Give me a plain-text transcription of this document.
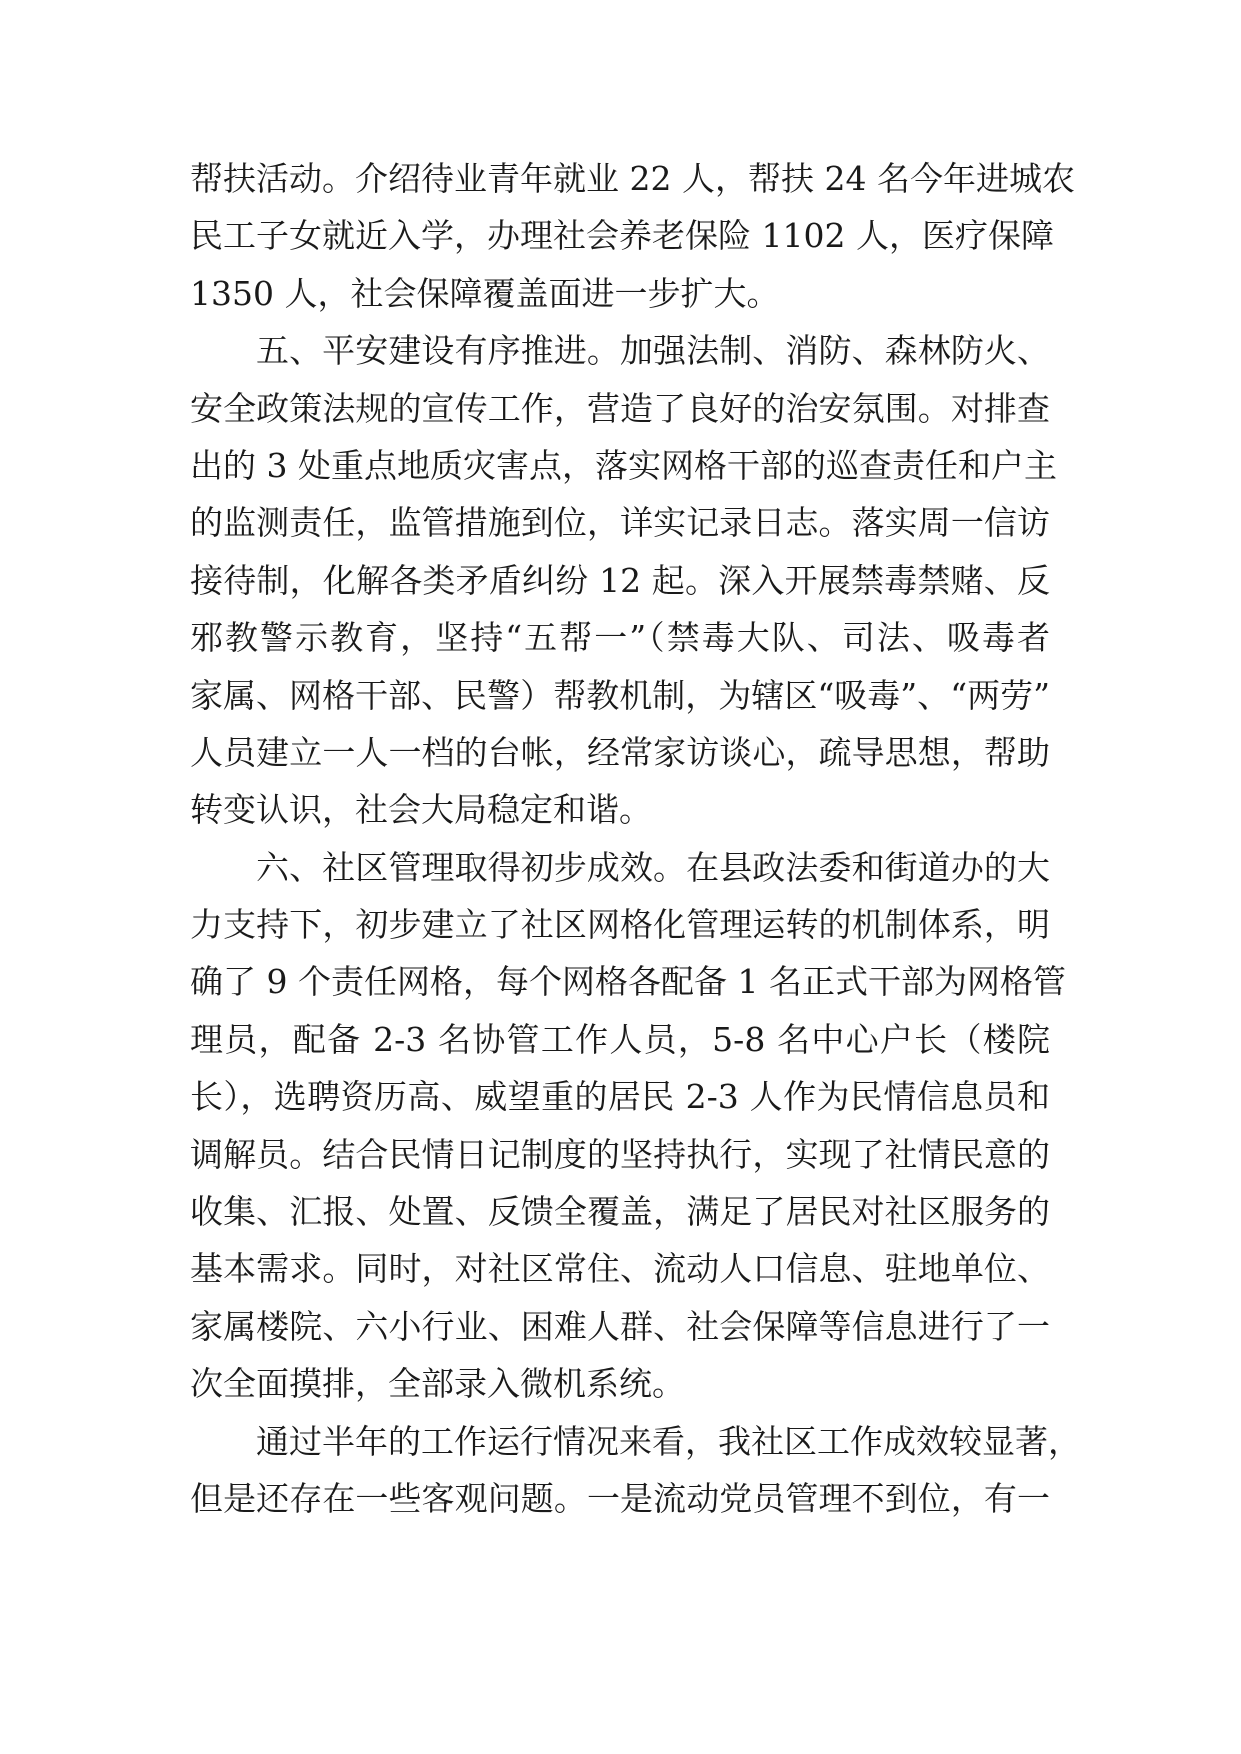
帮扶活动。介绍待业青年就业 22 人，帮扶 24 名今年进城农
民工子女就近入学，办理社会养老保险 1102 人，医疗保障
1350 人，社会保障覆盖面进一步扩大。
五、平安建设有序推进。加强法制、消防、森林防火、
安全政策法规的宣传工作，营造了良好的治安氛围。对排查
出的 3 处重点地质灾害点，落实网格干部的巡查责任和户主
的监测责任，监管措施到位，详实记录日志。落实周一信访
接待制，化解各类矛盾纠纷 12 起。深入开展禁毒禁赌、反
邪教警示教育，坚持“五帮一”（禁毒大队、司法、吸毒者
家属、网格干部、民警）帮教机制，为辖区“吸毒”、“两劳”
人员建立一人一档的台帐，经常家访谈心，疏导思想，帮助
转变认识，社会大局稳定和谐。
六、社区管理取得初步成效。在县政法委和街道办的大
力支持下，初步建立了社区网格化管理运转的机制体系，明
确了 9 个责任网格，每个网格各配备 1 名正式干部为网格管
理员，配备 2-3 名协管工作人员，5-8 名中心户长（楼院
长），选聘资历高、威望重的居民 2-3 人作为民情信息员和
调解员。结合民情日记制度的坚持执行，实现了社情民意的
收集、汇报、处置、反馈全覆盖，满足了居民对社区服务的
基本需求。同时，对社区常住、流动人口信息、驻地单位、
家属楼院、六小行业、困难人群、社会保障等信息进行了一
次全面摸排，全部录入微机系统。
通过半年的工作运行情况来看，我社区工作成效较显著，
但是还存在一些客观问题。一是流动党员管理不到位，有一
